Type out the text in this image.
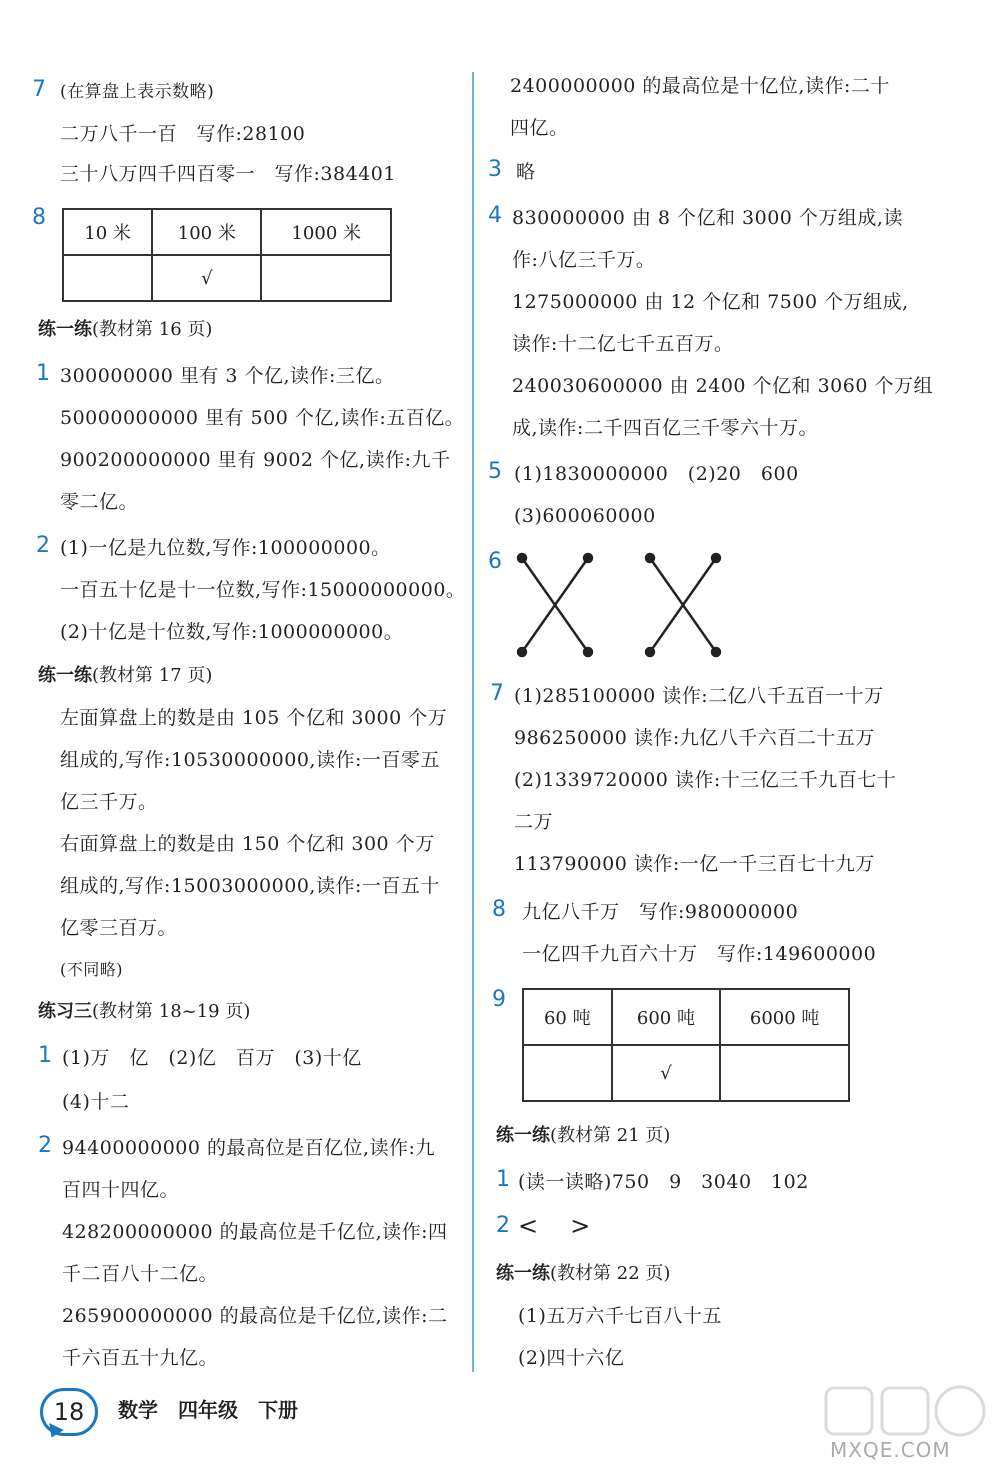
7 (在算盘上表示数略)
二万八千一百　写作:28100
三十八万四千四百零一　写作:384401
8
10 米	100 米	1000 米
	√	
练一练(教材第 16 页)
1 300000000 里有 3 个亿,读作:三亿。
50000000000 里有 500 个亿,读作:五百亿。
900200000000 里有 9002 个亿,读作:九千
零二亿。
2 (1)一亿是九位数,写作:100000000。
一百五十亿是十一位数,写作:15000000000。
(2)十亿是十位数,写作:1000000000。
练一练(教材第 17 页)
左面算盘上的数是由 105 个亿和 3000 个万
组成的,写作:10530000000,读作:一百零五
亿三千万。
右面算盘上的数是由 150 个亿和 300 个万
组成的,写作:15003000000,读作:一百五十
亿零三百万。
(不同略)
练习三(教材第 18~19 页)
1 (1)万　亿　(2)亿　百万　(3)十亿
(4)十二
2 94400000000 的最高位是百亿位,读作:九
百四十四亿。
428200000000 的最高位是千亿位,读作:四
千二百八十二亿。
265900000000 的最高位是千亿位,读作:二
千六百五十九亿。
2400000000 的最高位是十亿位,读作:二十
四亿。
3 略
4 830000000 由 8 个亿和 3000 个万组成,读
作:八亿三千万。
1275000000 由 12 个亿和 7500 个万组成,
读作:十二亿七千五百万。
240030600000 由 2400 个亿和 3060 个万组
成,读作:二千四百亿三千零六十万。
5 (1)1830000000　(2)20　600
(3)600060000
6
7 (1)285100000 读作:二亿八千五百一十万
986250000 读作:九亿八千六百二十五万
(2)1339720000 读作:十三亿三千九百七十
二万
113790000 读作:一亿一千三百七十九万
8 九亿八千万　写作:980000000
一亿四千九百六十万　写作:149600000
9
60 吨	600 吨	6000 吨
	√	
练一练(教材第 21 页)
1 (读一读略)750　9　3040　102
2 <　>
练一练(教材第 22 页)
(1)五万六千七百八十五
(2)四十六亿
18	数学　四年级　下册
MXQE.COM
